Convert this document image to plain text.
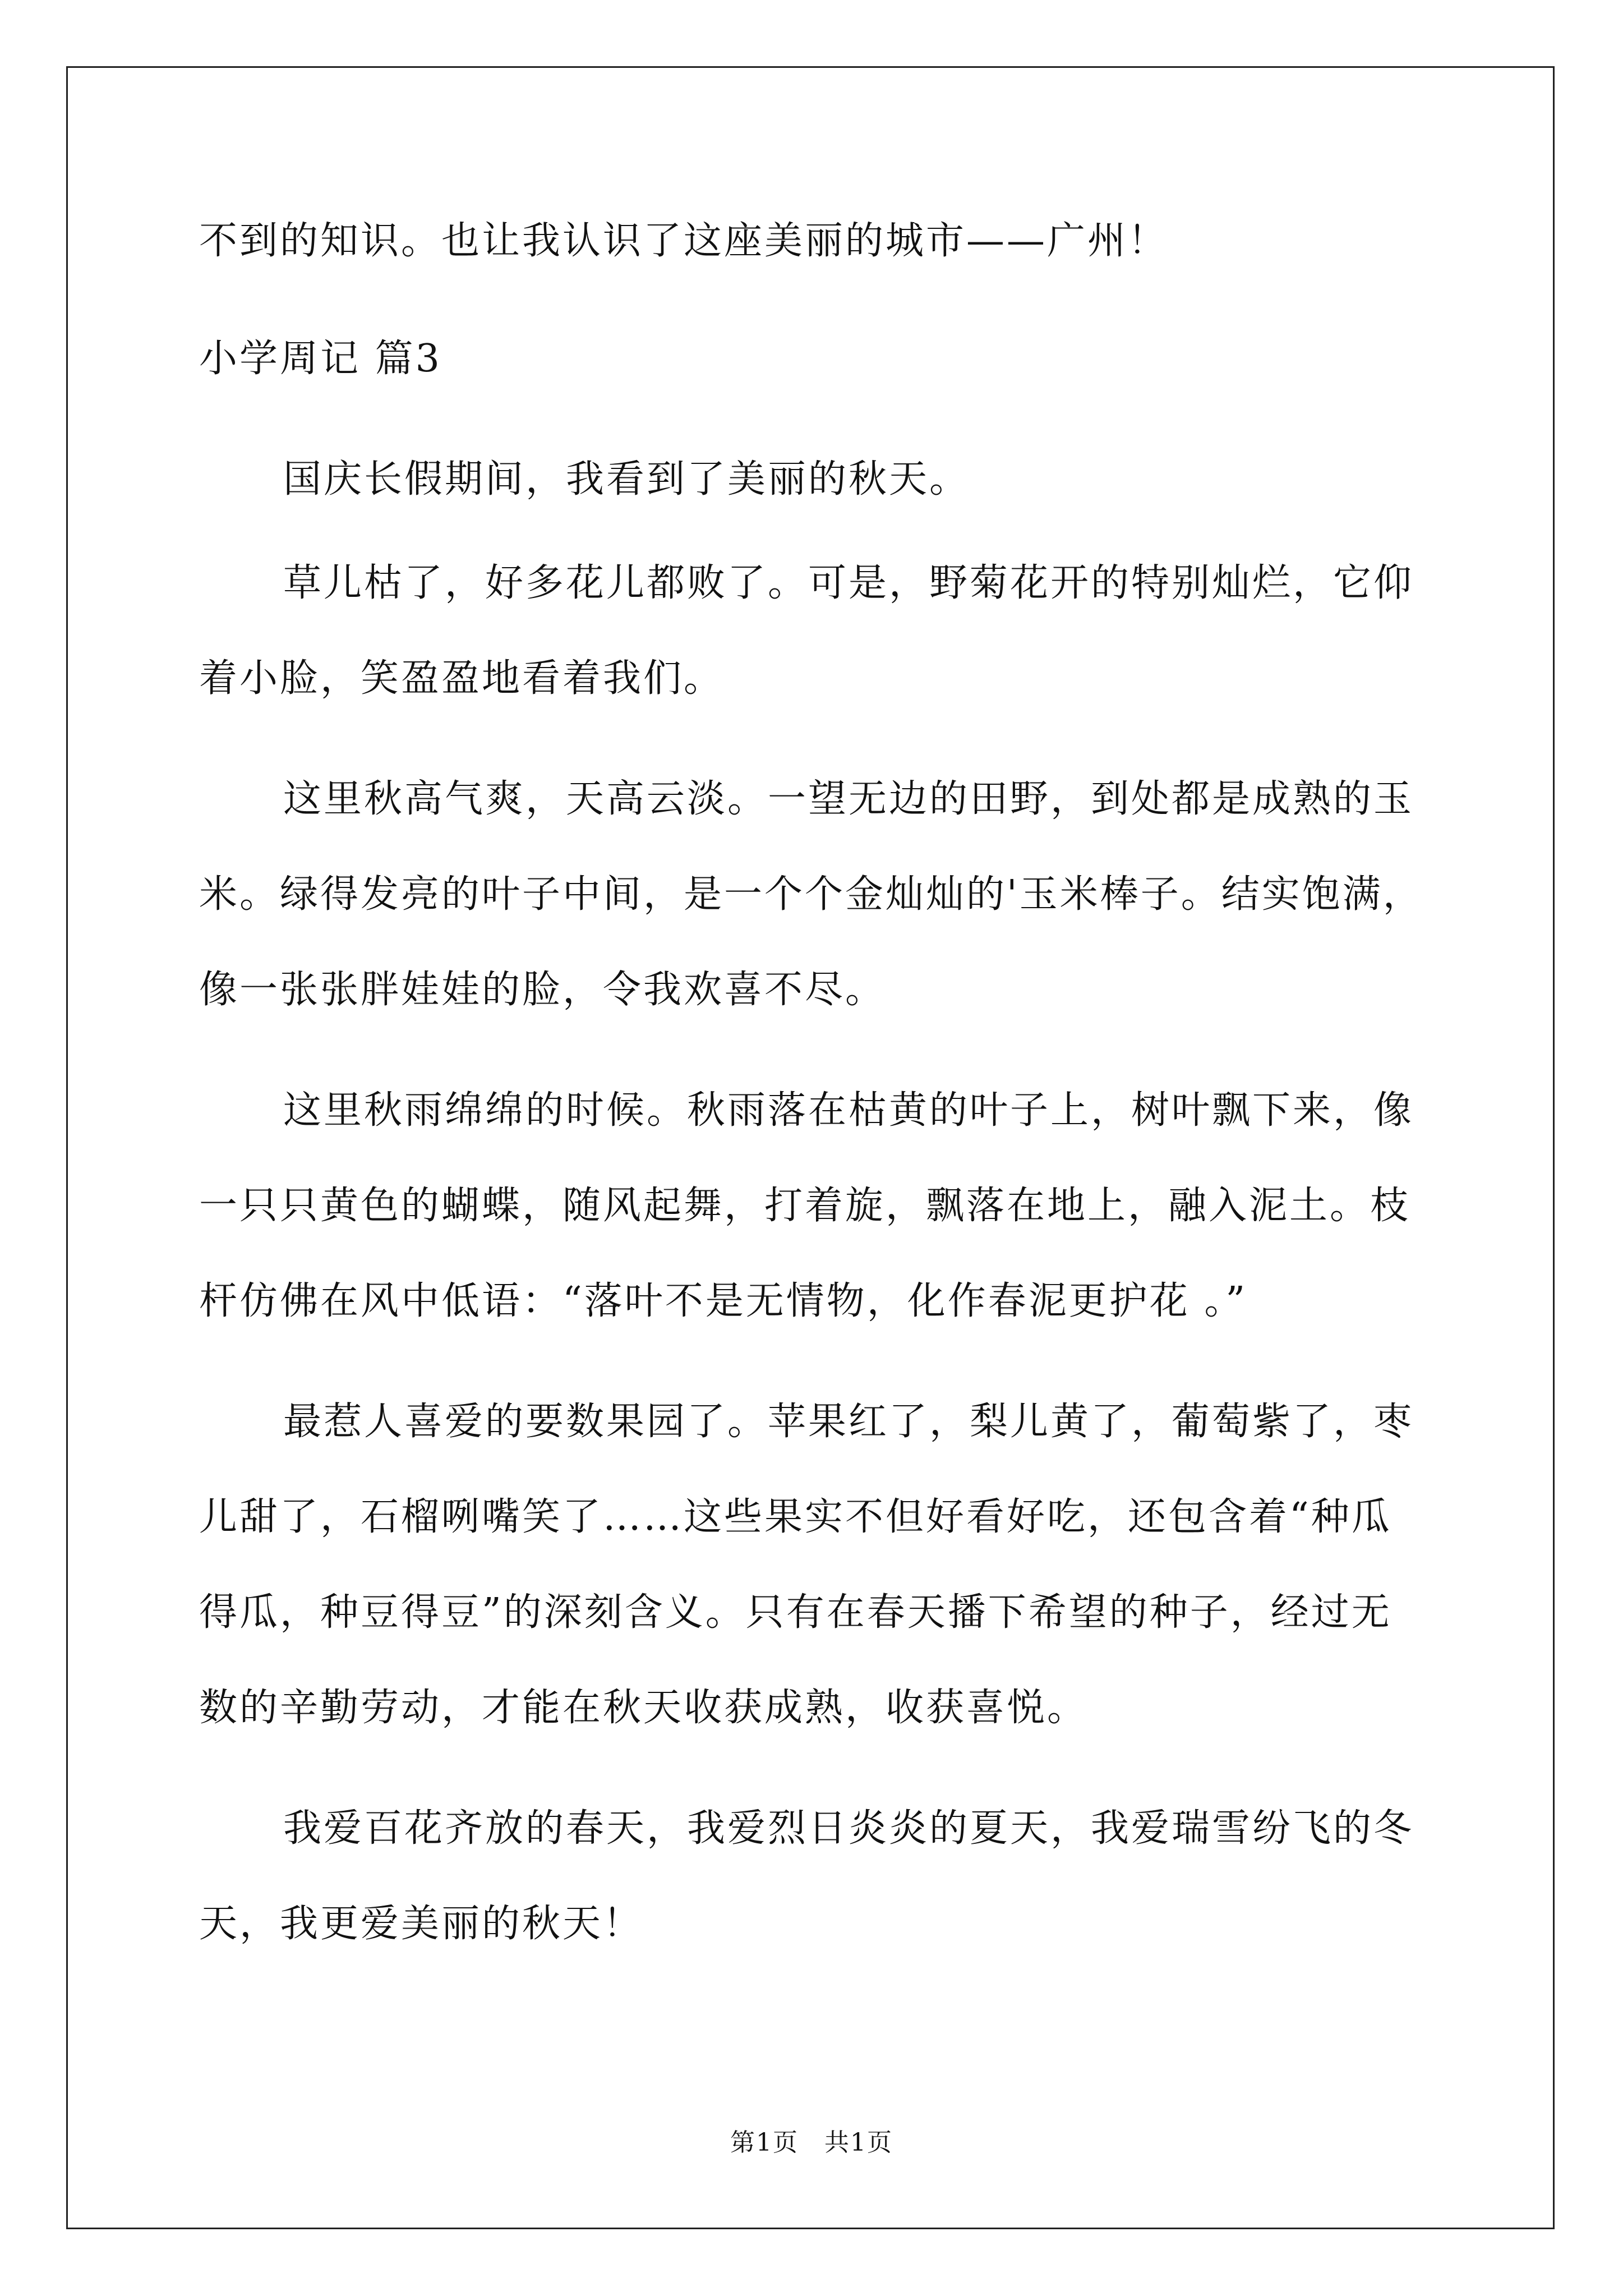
不到的知识。也让我认识了这座美丽的城市——广州！
小学周记 篇3
国庆长假期间，我看到了美丽的秋天。
草儿枯了，好多花儿都败了。可是，野菊花开的特别灿烂，它仰
着小脸，笑盈盈地看着我们。
这里秋高气爽，天高云淡。一望无边的田野，到处都是成熟的玉
米。绿得发亮的叶子中间，是一个个金灿灿的'玉米棒子。结实饱满，
像一张张胖娃娃的脸，令我欢喜不尽。
这里秋雨绵绵的时候。秋雨落在枯黄的叶子上，树叶飘下来，像
一只只黄色的蝴蝶，随风起舞，打着旋，飘落在地上，融入泥土。枝
杆仿佛在风中低语：“落叶不是无情物，化作春泥更护花 。”
最惹人喜爱的要数果园了。苹果红了，梨儿黄了，葡萄紫了，枣
儿甜了，石榴咧嘴笑了……这些果实不但好看好吃，还包含着“种瓜
得瓜，种豆得豆”的深刻含义。只有在春天播下希望的种子，经过无
数的辛勤劳动，才能在秋天收获成熟，收获喜悦。
我爱百花齐放的春天，我爱烈日炎炎的夏天，我爱瑞雪纷飞的冬
天，我更爱美丽的秋天！
第1页　共1页
